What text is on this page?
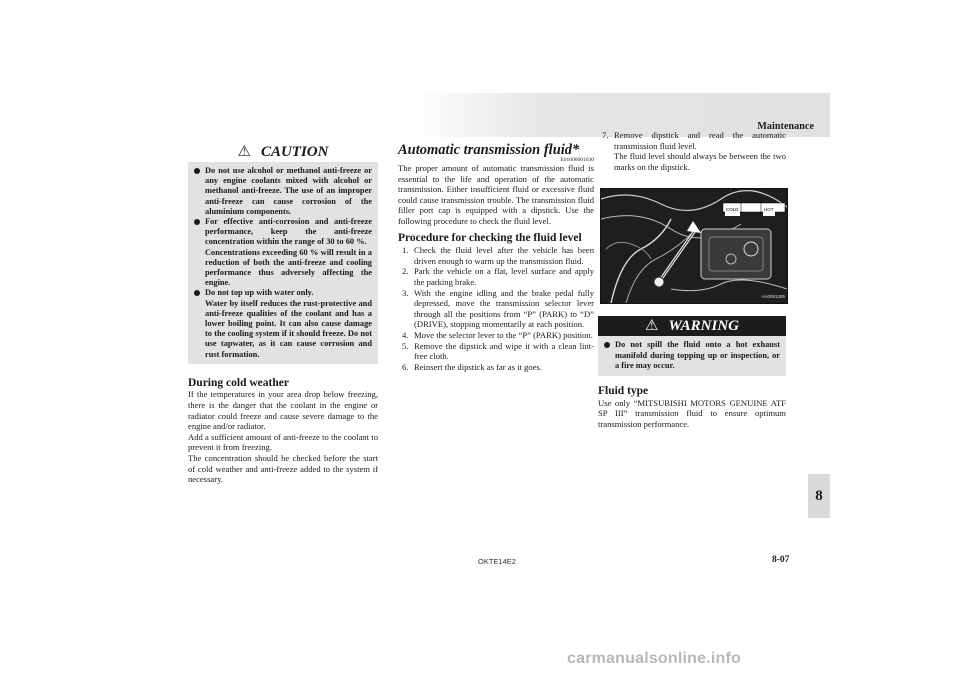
Maintenance
⚠ CAUTION

Do not use alcohol or methanol anti-freeze or any engine coolants mixed with alcohol or methanol anti-freeze. The use of an improper anti-freeze can cause corrosion of the aluminium components.

For effective anti-corrosion and anti-freeze performance, keep the anti-freeze concentration within the range of 30 to 60 %.
Concentrations exceeding 60 % will result in a reduction of both the anti-freeze and cooling performance thus adversely affecting the engine.

Do not top up with water only.
Water by itself reduces the rust-protective and anti-freeze qualities of the coolant and has a lower boiling point. It can also cause damage to the cooling system if it should freeze. Do not use tapwater, as it can cause corrosion and rust formation.

During cold weather

If the temperatures in your area drop below freezing, there is the danger that the coolant in the engine or radiator could freeze and cause severe damage to the engine and/or radiator.

Add a sufficient amount of anti-freeze to the coolant to prevent it from freezing.

The concentration should be checked before the start of cold weather and anti-freeze added to the system if necessary.

Automatic transmission fluid*
E01000601030

The proper amount of automatic transmission fluid is essential to the life and operation of the automatic transmission. Either insufficient fluid or excessive fluid could cause transmission trouble. The transmission fluid filler port cap is equipped with a dipstick. Use the following procedure to check the fluid level.

Procedure for checking the fluid level
1. Check the fluid level after the vehicle has been driven enough to warm up the transmission fluid.

2. Park the vehicle on a flat, level surface and apply the parking brake.

3. With the engine idling and the brake pedal fully depressed, move the transmission selector lever through all the positions from “P” (PARK) to “D” (DRIVE), stopping momentarily at each position.

4. Move the selector lever to the “P” (PARK) position.

5. Remove the dipstick and wipe it with a clean lint-free cloth.

6. Reinsert the dipstick as far as it goes.

7. Remove dipstick and read the automatic transmission fluid level.

The fluid level should always be between the two marks on the dipstick.

COLD	HOT
AA0051385
⚠ WARNING

Do not spill the fluid onto a hot exhaust manifold during topping up or inspection, or a fire may occur.

Fluid type

Use only “MITSUBISHI MOTORS GENUINE ATF SP III” transmission fluid to ensure optimum transmission performance.

8
OKTE14E2	8-07
carmanualsonline.info
